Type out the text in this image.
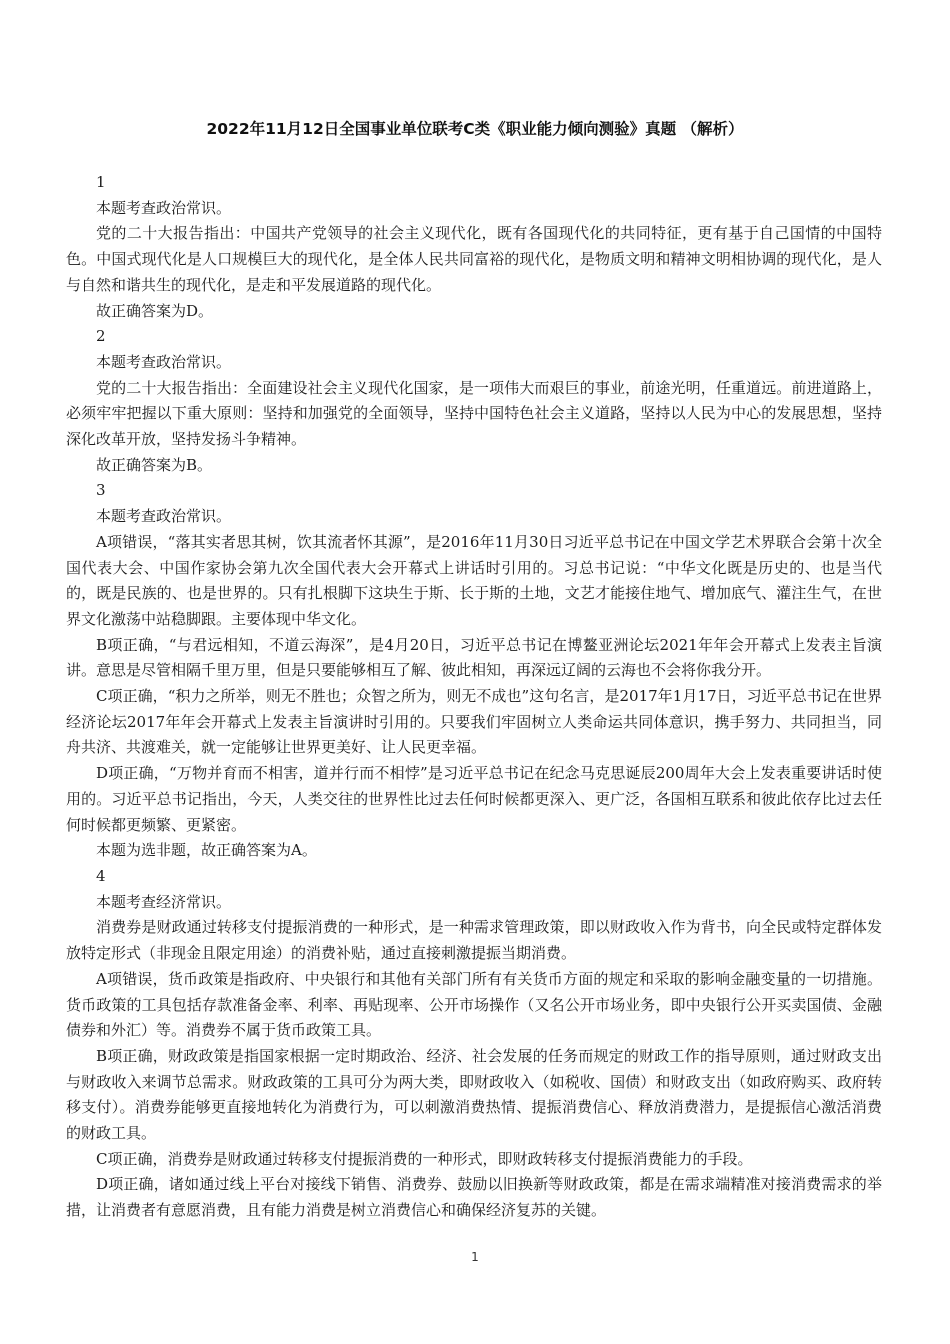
2022年11月12日全国事业单位联考C类《职业能力倾向测验》真题 （解析）

1

本题考查政治常识。

党的二十大报告指出：中国共产党领导的社会主义现代化，既有各国现代化的共同特征，更有基于自己国情的中国特色。中国式现代化是人口规模巨大的现代化，是全体人民共同富裕的现代化，是物质文明和精神文明相协调的现代化，是人与自然和谐共生的现代化，是走和平发展道路的现代化。

故正确答案为D。

2

本题考查政治常识。

党的二十大报告指出：全面建设社会主义现代化国家，是一项伟大而艰巨的事业，前途光明，任重道远。前进道路上，必须牢牢把握以下重大原则：坚持和加强党的全面领导，坚持中国特色社会主义道路，坚持以人民为中心的发展思想，坚持深化改革开放，坚持发扬斗争精神。

故正确答案为B。

3

本题考查政治常识。

A项错误，“落其实者思其树，饮其流者怀其源”，是2016年11月30日习近平总书记在中国文学艺术界联合会第十次全国代表大会、中国作家协会第九次全国代表大会开幕式上讲话时引用的。习总书记说：“中华文化既是历史的、也是当代的，既是民族的、也是世界的。只有扎根脚下这块生于斯、长于斯的土地，文艺才能接住地气、增加底气、灌注生气，在世界文化激荡中站稳脚跟。主要体现中华文化。

B项正确，“与君远相知，不道云海深”，是4月20日，习近平总书记在博鳌亚洲论坛2021年年会开幕式上发表主旨演讲。意思是尽管相隔千里万里，但是只要能够相互了解、彼此相知，再深远辽阔的云海也不会将你我分开。

C项正确，“积力之所举，则无不胜也；众智之所为，则无不成也”这句名言，是2017年1月17日，习近平总书记在世界经济论坛2017年年会开幕式上发表主旨演讲时引用的。只要我们牢固树立人类命运共同体意识，携手努力、共同担当，同舟共济、共渡难关，就一定能够让世界更美好、让人民更幸福。

D项正确，“万物并育而不相害，道并行而不相悖”是习近平总书记在纪念马克思诞辰200周年大会上发表重要讲话时使用的。习近平总书记指出，今天，人类交往的世界性比过去任何时候都更深入、更广泛，各国相互联系和彼此依存比过去任何时候都更频繁、更紧密。

本题为选非题，故正确答案为A。

4

本题考查经济常识。

消费券是财政通过转移支付提振消费的一种形式，是一种需求管理政策，即以财政收入作为背书，向全民或特定群体发放特定形式（非现金且限定用途）的消费补贴，通过直接刺激提振当期消费。

A项错误，货币政策是指政府、中央银行和其他有关部门所有有关货币方面的规定和采取的影响金融变量的一切措施。货币政策的工具包括存款准备金率、利率、再贴现率、公开市场操作（又名公开市场业务，即中央银行公开买卖国债、金融债券和外汇）等。消费券不属于货币政策工具。

B项正确，财政政策是指国家根据一定时期政治、经济、社会发展的任务而规定的财政工作的指导原则，通过财政支出与财政收入来调节总需求。财政政策的工具可分为两大类，即财政收入（如税收、国债）和财政支出（如政府购买、政府转移支付）。消费券能够更直接地转化为消费行为，可以刺激消费热情、提振消费信心、释放消费潜力，是提振信心激活消费的财政工具。

C项正确，消费券是财政通过转移支付提振消费的一种形式，即财政转移支付提振消费能力的手段。

D项正确，诸如通过线上平台对接线下销售、消费券、鼓励以旧换新等财政政策，都是在需求端精准对接消费需求的举措，让消费者有意愿消费，且有能力消费是树立消费信心和确保经济复苏的关键。

1
